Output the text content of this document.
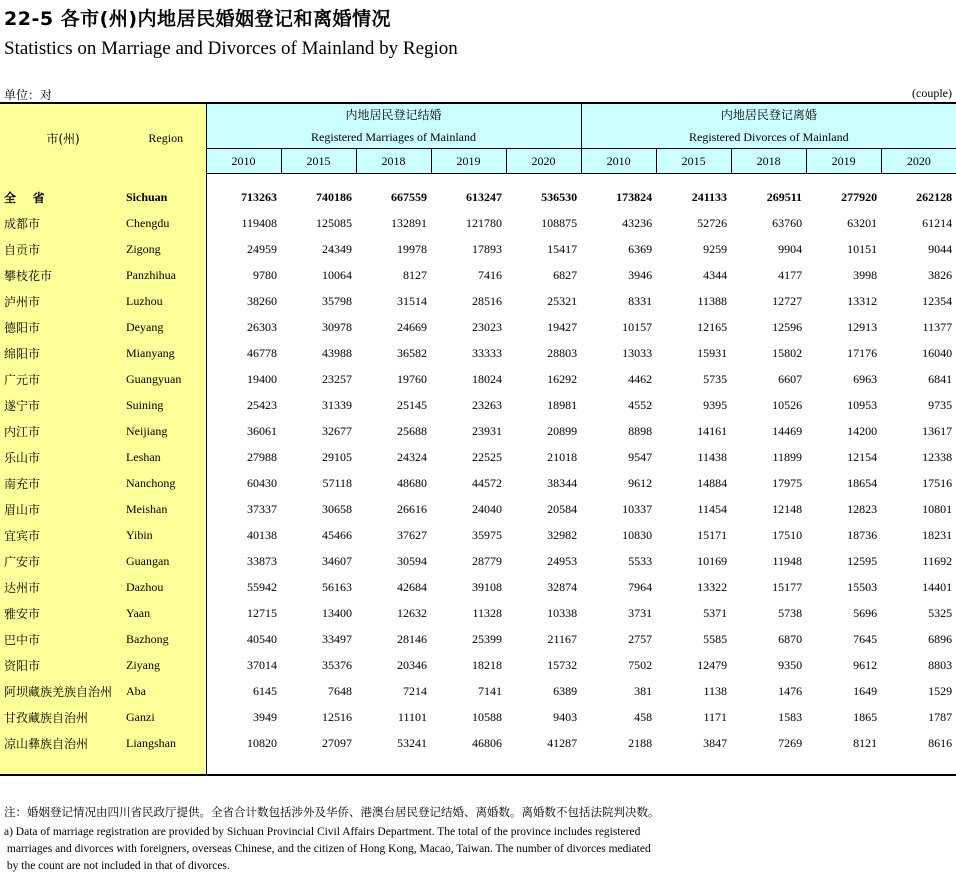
22-5 各市(州)内地居民婚姻登记和离婚情况
Statistics on Marriage and Divorces of Mainland by Region
单位：对	(couple)
市(州)	Region	内地居民登记结婚					内地居民登记离婚				

		Registered Marriages of Mainland					Registered Divorces of Mainland				

		2010	2015	2018	2019	2020	2010	2015	2018	2019	2020

全    省	Sichuan	713263	740186	667559	613247	536530	173824	241133	269511	277920	262128
成都市	Chengdu	119408	125085	132891	121780	108875	43236	52726	63760	63201	61214
自贡市	Zigong	24959	24349	19978	17893	15417	6369	9259	9904	10151	9044
攀枝花市	Panzhihua	9780	10064	8127	7416	6827	3946	4344	4177	3998	3826
泸州市	Luzhou	38260	35798	31514	28516	25321	8331	11388	12727	13312	12354
德阳市	Deyang	26303	30978	24669	23023	19427	10157	12165	12596	12913	11377
绵阳市	Mianyang	46778	43988	36582	33333	28803	13033	15931	15802	17176	16040
广元市	Guangyuan	19400	23257	19760	18024	16292	4462	5735	6607	6963	6841
遂宁市	Suining	25423	31339	25145	23263	18981	4552	9395	10526	10953	9735
内江市	Neijiang	36061	32677	25688	23931	20899	8898	14161	14469	14200	13617
乐山市	Leshan	27988	29105	24324	22525	21018	9547	11438	11899	12154	12338
南充市	Nanchong	60430	57118	48680	44572	38344	9612	14884	17975	18654	17516
眉山市	Meishan	37337	30658	26616	24040	20584	10337	11454	12148	12823	10801
宜宾市	Yibin	40138	45466	37627	35975	32982	10830	15171	17510	18736	18231
广安市	Guangan	33873	34607	30594	28779	24953	5533	10169	11948	12595	11692
达州市	Dazhou	55942	56163	42684	39108	32874	7964	13322	15177	15503	14401
雅安市	Yaan	12715	13400	12632	11328	10338	3731	5371	5738	5696	5325
巴中市	Bazhong	40540	33497	28146	25399	21167	2757	5585	6870	7645	6896
资阳市	Ziyang	37014	35376	20346	18218	15732	7502	12479	9350	9612	8803
阿坝藏族羌族自治州	Aba	6145	7648	7214	7141	6389	381	1138	1476	1649	1529
甘孜藏族自治州	Ganzi	3949	12516	11101	10588	9403	458	1171	1583	1865	1787
凉山彝族自治州	Liangshan	10820	27097	53241	46806	41287	2188	3847	7269	8121	8616

注：婚姻登记情况由四川省民政厅提供。全省合计数包括涉外及华侨、港澳台居民登记结婚、离婚数。离婚数不包括法院判决数。
a) Data of marriage registration are provided by Sichuan Provincial Civil Affairs Department. The total of the province includes registered
marriages and divorces with foreigners, overseas Chinese, and the citizen of Hong Kong, Macao, Taiwan. The number of divorces mediated
by the count are not included in that of divorces.
